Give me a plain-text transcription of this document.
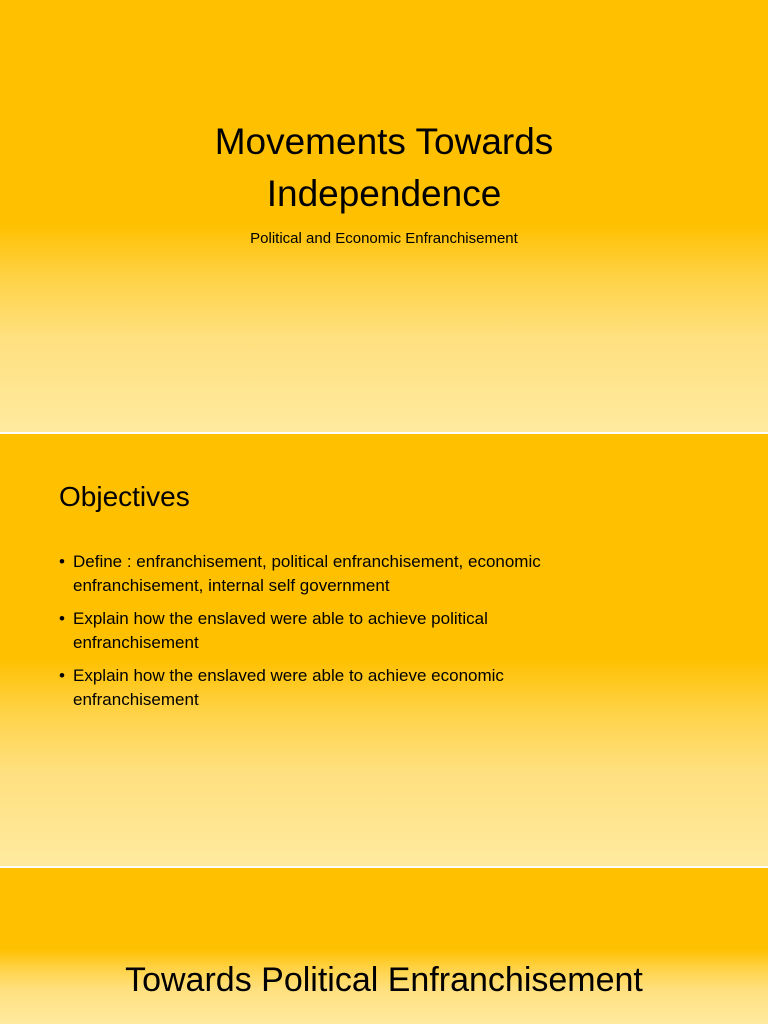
Movements Towards
Independence

Political and Economic Enfranchisement

Objectives
• Define : enfranchisement, political enfranchisement, economic
enfranchisement, internal self government
• Explain how the enslaved were able to achieve political
enfranchisement
• Explain how the enslaved were able to achieve economic
enfranchisement
Towards Political Enfranchisement
